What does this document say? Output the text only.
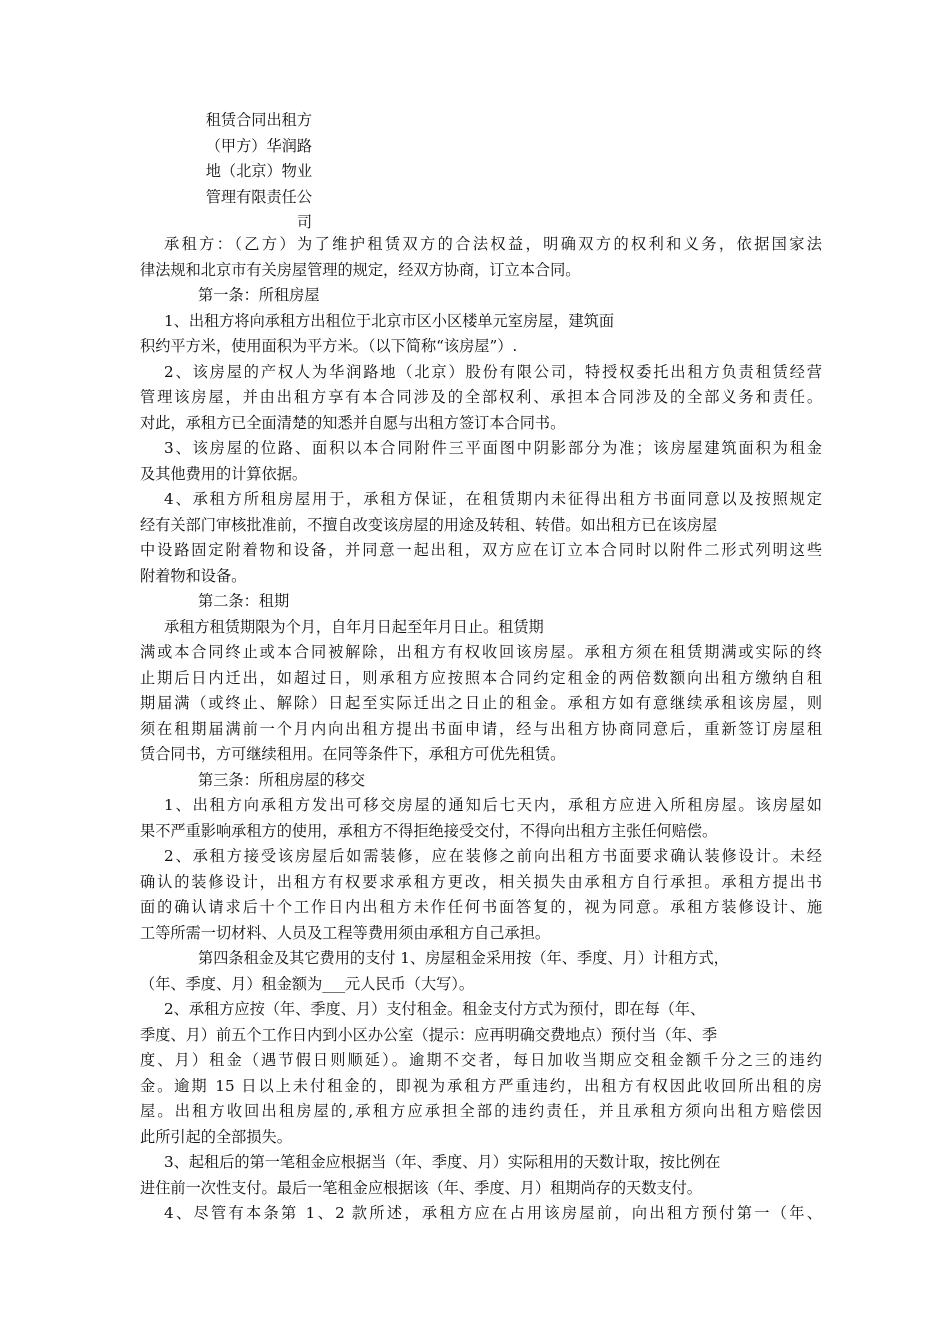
租赁合同出租方
（甲方）华润路
地（北京）物业
管理有限责任公
司
承租方：（乙方）为了维护租赁双方的合法权益，明确双方的权利和义务，依据国家法
律法规和北京市有关房屋管理的规定，经双方协商，订立本合同。
第一条：所租房屋
1、出租方将向承租方出租位于北京市区小区楼单元室房屋，建筑面
积约平方米，使用面积为平方米。（以下简称“该房屋”）.
2、该房屋的产权人为华润路地（北京）股份有限公司，特授权委托出租方负责租赁经营
管理该房屋，并由出租方享有本合同涉及的全部权利、承担本合同涉及的全部义务和责任。
对此，承租方已全面清楚的知悉并自愿与出租方签订本合同书。
3、该房屋的位路、面积以本合同附件三平面图中阴影部分为准；该房屋建筑面积为租金
及其他费用的计算依据。
4、承租方所租房屋用于，承租方保证，在租赁期内未征得出租方书面同意以及按照规定
经有关部门审核批准前，不擅自改变该房屋的用途及转租、转借。如出租方已在该房屋
中设路固定附着物和设备，并同意一起出租，双方应在订立本合同时以附件二形式列明这些
附着物和设备。
第二条：租期
承租方租赁期限为个月，自年月日起至年月日止。租赁期
满或本合同终止或本合同被解除，出租方有权收回该房屋。承租方须在租赁期满或实际的终
止期后日内迁出，如超过日，则承租方应按照本合同约定租金的两倍数额向出租方缴纳自租
期届满（或终止、解除）日起至实际迁出之日止的租金。承租方如有意继续承租该房屋，则
须在租期届满前一个月内向出租方提出书面申请，经与出租方协商同意后，重新签订房屋租
赁合同书，方可继续租用。在同等条件下，承租方可优先租赁。
第三条：所租房屋的移交
1、出租方向承租方发出可移交房屋的通知后七天内，承租方应进入所租房屋。该房屋如
果不严重影响承租方的使用，承租方不得拒绝接受交付，不得向出租方主张任何赔偿。
2、承租方接受该房屋后如需装修，应在装修之前向出租方书面要求确认装修设计。未经
确认的装修设计，出租方有权要求承租方更改，相关损失由承租方自行承担。承租方提出书
面的确认请求后十个工作日内出租方未作任何书面答复的，视为同意。承租方装修设计、施
工等所需一切材料、人员及工程等费用须由承租方自己承担。
第四条租金及其它费用的支付 1、房屋租金采用按（年、季度、月）计租方式，
（年、季度、月）租金额为___元人民币（大写）。
2、承租方应按（年、季度、月）支付租金。租金支付方式为预付，即在每（年、
季度、月）前五个工作日内到小区办公室（提示：应再明确交费地点）预付当（年、季
度、月）租金（遇节假日则顺延）。逾期不交者，每日加收当期应交租金额千分之三的违约
金。逾期 15 日以上未付租金的，即视为承租方严重违约，出租方有权因此收回所出租的房
屋。出租方收回出租房屋的,承租方应承担全部的违约责任，并且承租方须向出租方赔偿因
此所引起的全部损失。
3、起租后的第一笔租金应根据当（年、季度、月）实际租用的天数计取，按比例在
进住前一次性支付。最后一笔租金应根据该（年、季度、月）租期尚存的天数支付。
4、尽管有本条第 1、2 款所述，承租方应在占用该房屋前，向出租方预付第一（年、
